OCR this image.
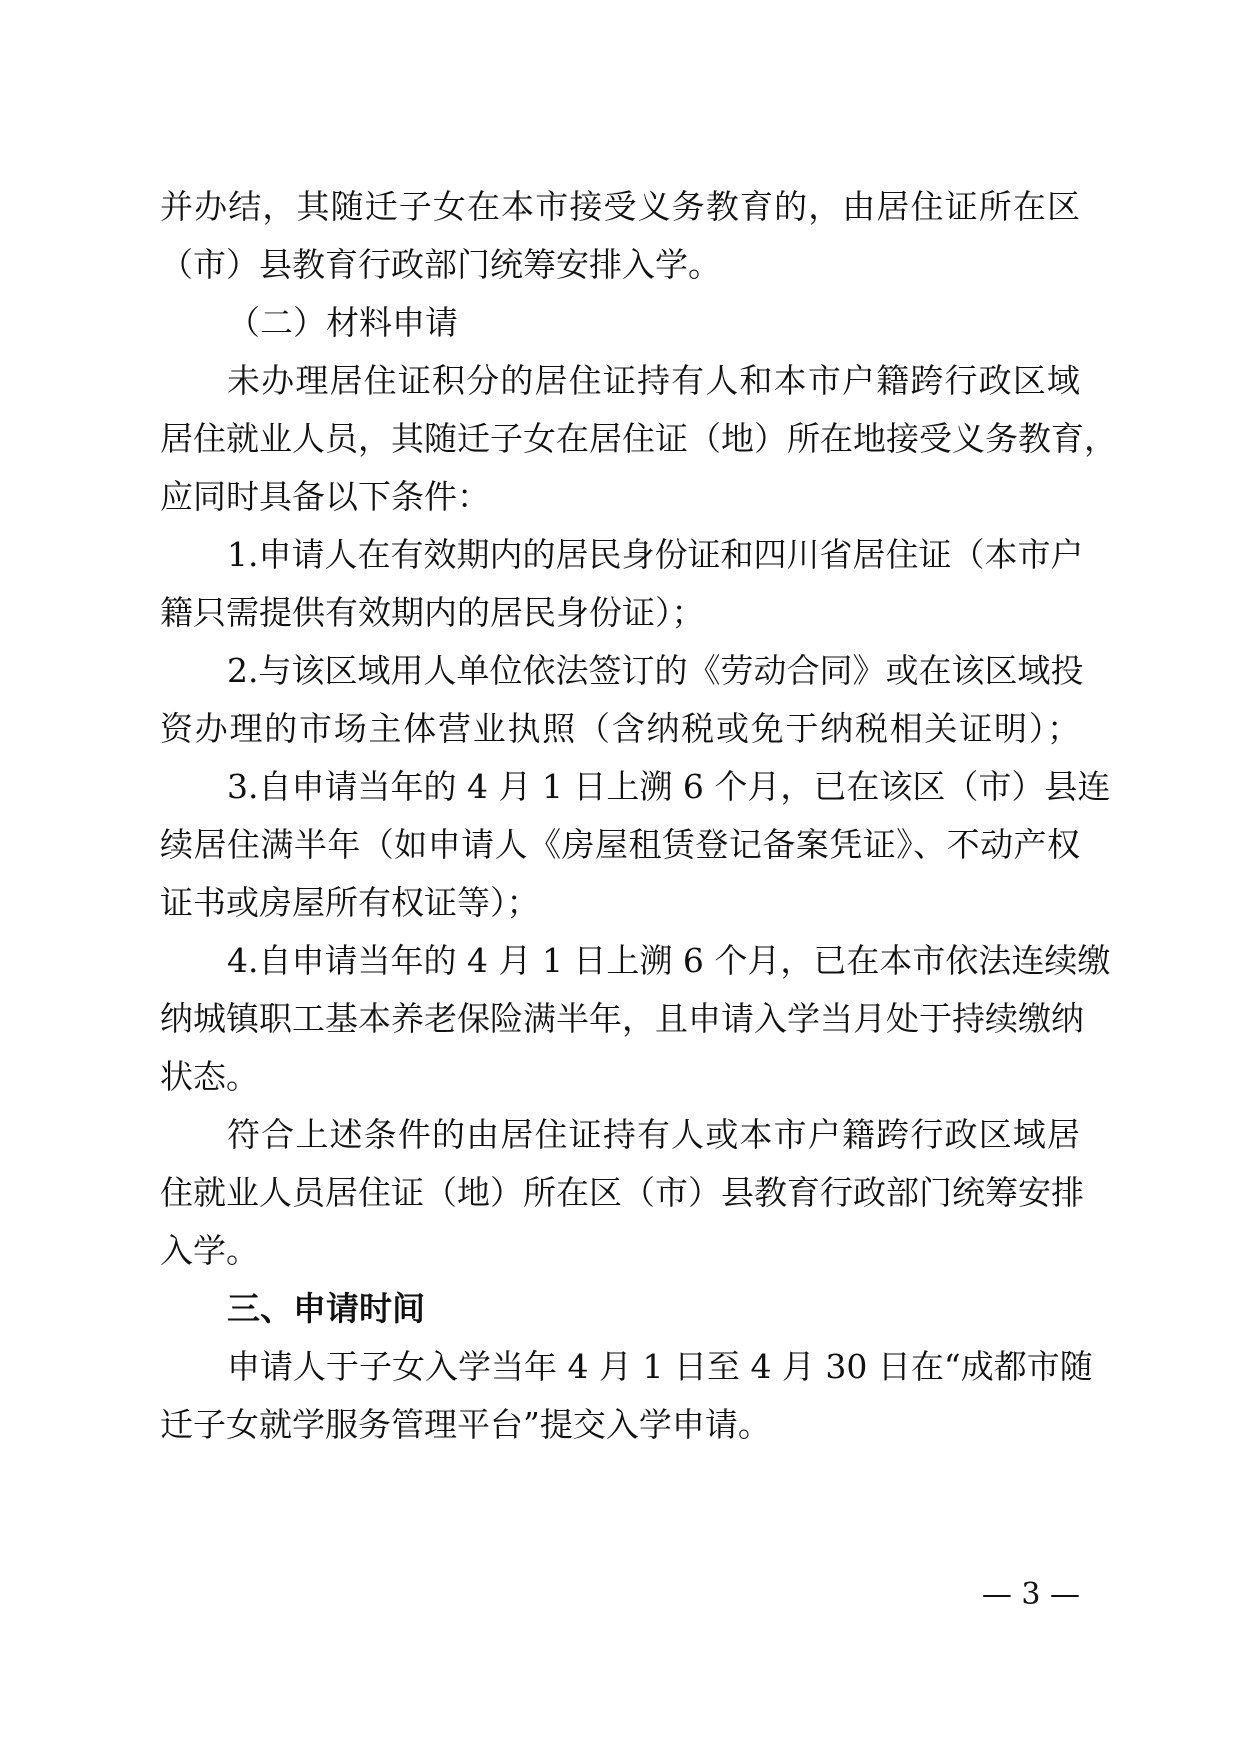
并办结，其随迁子女在本市接受义务教育的，由居住证所在区
（市）县教育行政部门统筹安排入学。
（二）材料申请
未办理居住证积分的居住证持有人和本市户籍跨行政区域
居住就业人员，其随迁子女在居住证（地）所在地接受义务教育，
应同时具备以下条件：
1.申请人在有效期内的居民身份证和四川省居住证（本市户
籍只需提供有效期内的居民身份证）；
2.与该区域用人单位依法签订的《劳动合同》或在该区域投
资办理的市场主体营业执照（含纳税或免于纳税相关证明）；
3.自申请当年的 4 月 1 日上溯 6 个月，已在该区（市）县连
续居住满半年（如申请人《房屋租赁登记备案凭证》、不动产权
证书或房屋所有权证等）；
4.自申请当年的 4 月 1 日上溯 6 个月，已在本市依法连续缴
纳城镇职工基本养老保险满半年，且申请入学当月处于持续缴纳
状态。
符合上述条件的由居住证持有人或本市户籍跨行政区域居
住就业人员居住证（地）所在区（市）县教育行政部门统筹安排
入学。
三、申请时间
申请人于子女入学当年 4 月 1 日至 4 月 30 日在“成都市随
迁子女就学服务管理平台”提交入学申请。
— 3 —
